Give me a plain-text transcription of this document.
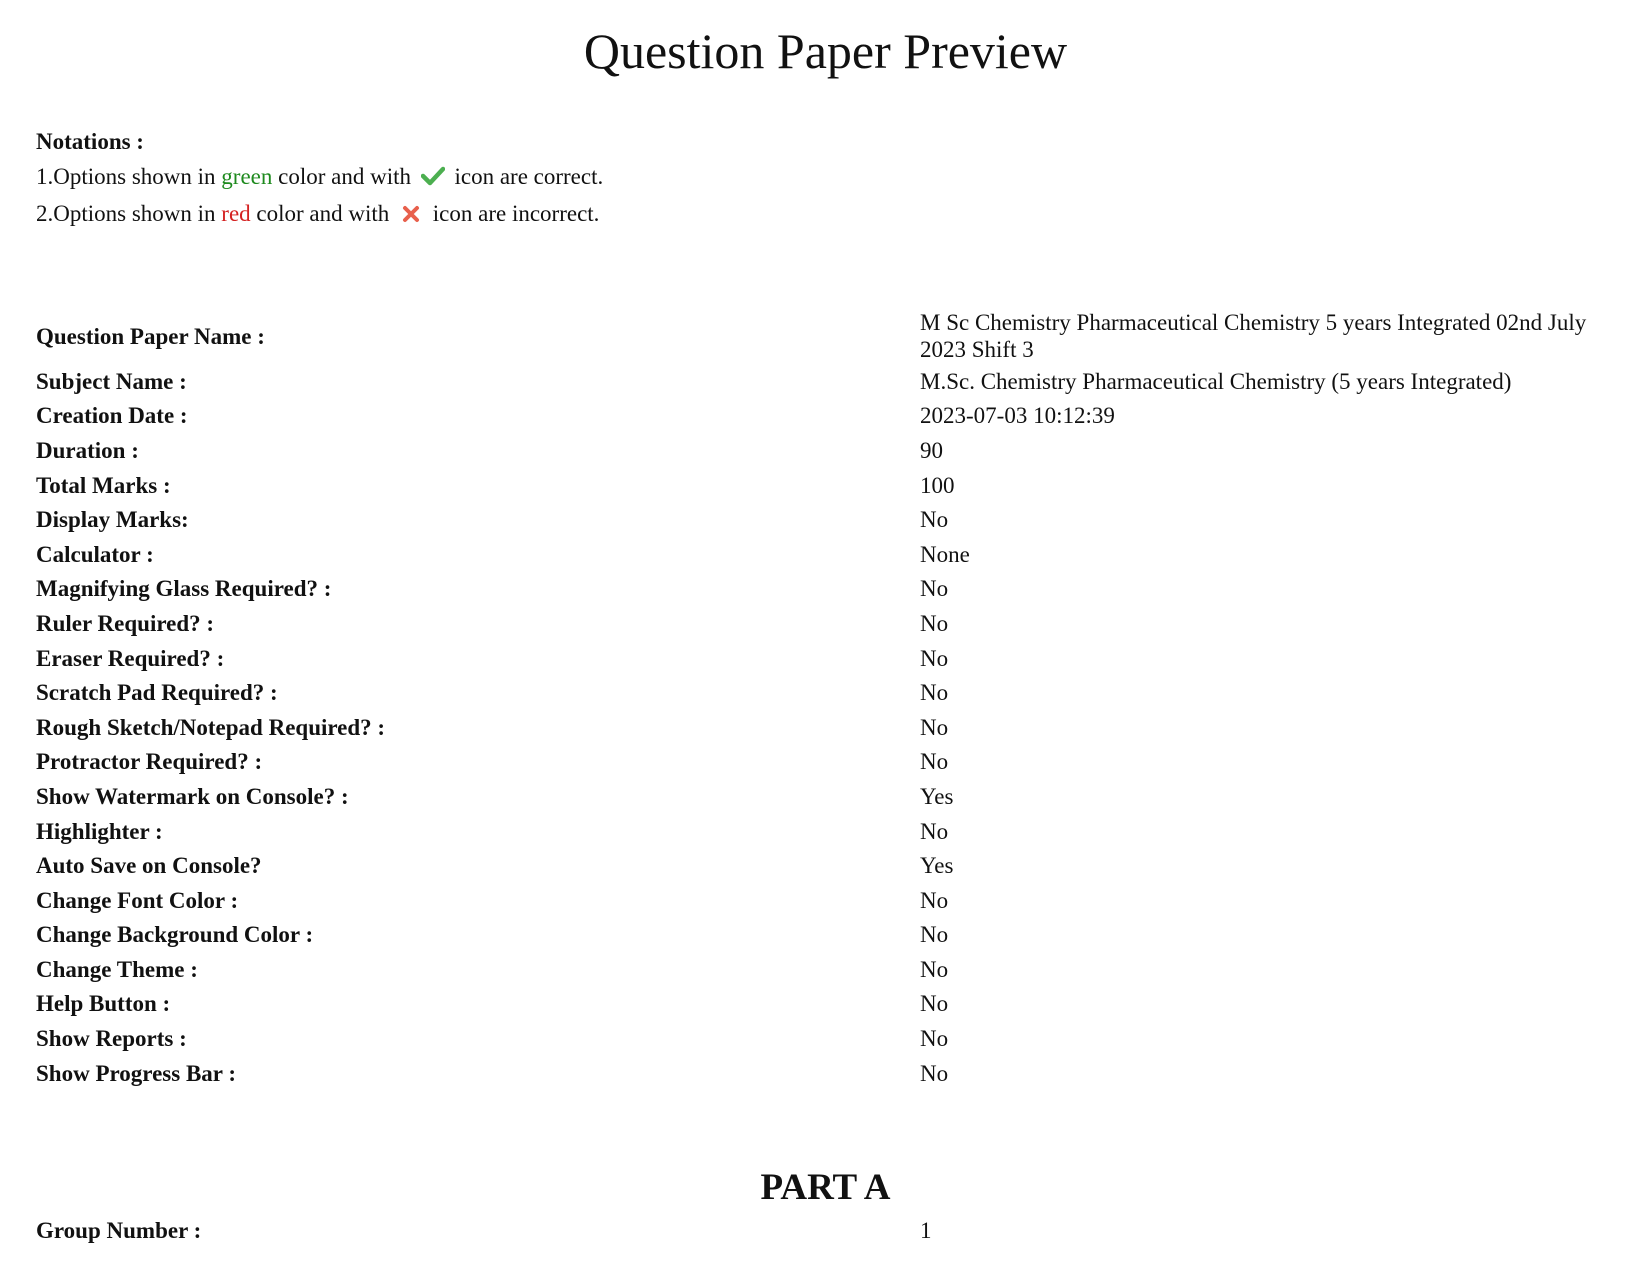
Question Paper Preview
Notations :
1.Options shown in green color and with  icon are correct.
2.Options shown in red color and with  icon are incorrect.
Question Paper Name :
M Sc Chemistry Pharmaceutical Chemistry 5 years Integrated 02nd July 2023 Shift 3
Subject Name :	M.Sc. Chemistry Pharmaceutical Chemistry (5 years Integrated)
Creation Date :	2023-07-03 10:12:39
Duration :	90
Total Marks :	100
Display Marks:	No
Calculator :	None
Magnifying Glass Required? :	No
Ruler Required? :	No
Eraser Required? :	No
Scratch Pad Required? :	No
Rough Sketch/Notepad Required? :	No
Protractor Required? :	No
Show Watermark on Console? :	Yes
Highlighter :	No
Auto Save on Console?	Yes
Change Font Color :	No
Change Background Color :	No
Change Theme :	No
Help Button :	No
Show Reports :	No
Show Progress Bar :	No
PART A
Group Number :	1
